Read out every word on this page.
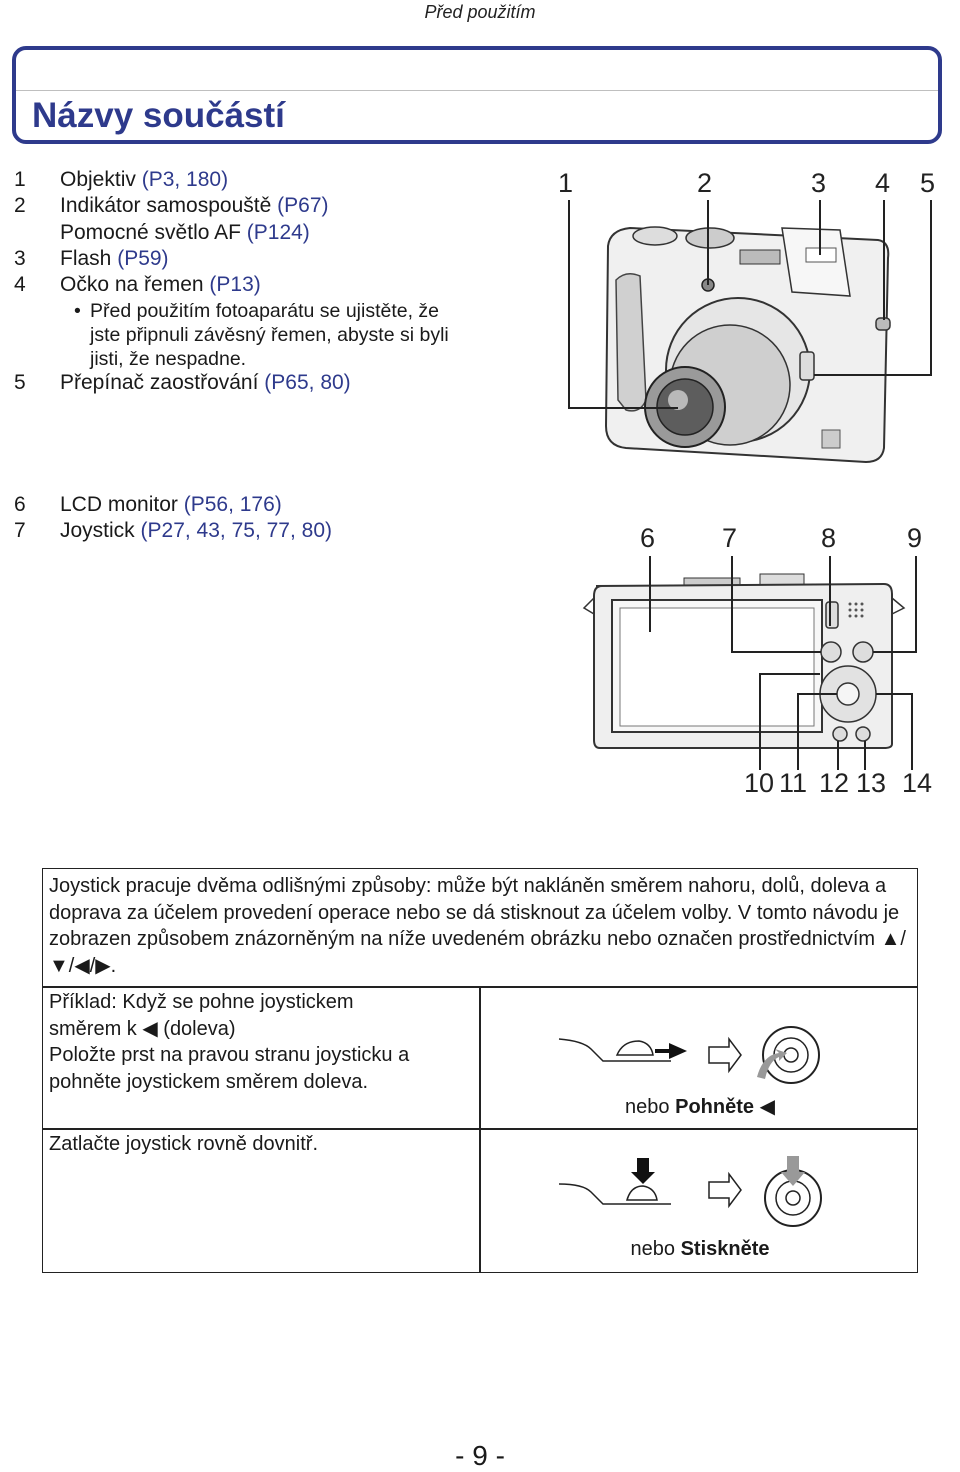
Před použitím
Názvy součástí
1 Objektiv (P3, 180)
2 Indikátor samospouště (P67)
Pomocné světlo AF (P124)
3 Flash (P59)
4 Očko na řemen (P13)
• Před použitím fotoaparátu se ujistěte, že
jste připnuli závěsný řemen, abyste si byli
jisti, že nespadne.
5 Přepínač zaostřování (P65, 80)
1	2	3 4 5
6 LCD monitor (P56, 176)
7 Joystick (P27, 43, 75, 77, 80)	6 7	8	9
10 11 12 13 14
Joystick pracuje dvěma odlišnými způsoby: může být nakláněn směrem nahoru, dolů, doleva a doprava za účelem provedení operace nebo se dá stisknout za účelem volby. V tomto návodu je zobrazen způsobem znázorněným na níže uvedeném obrázku nebo označen prostřednictvím ▲/▼/◀/▶.
Příklad: Když se pohne joystickem
směrem k ◀ (doleva)
Položte prst na pravou stranu joysticku a
pohněte joystickem směrem doleva.
nebo Pohněte ◀
Zatlačte joystick rovně dovnitř.
nebo Stiskněte
- 9 -
